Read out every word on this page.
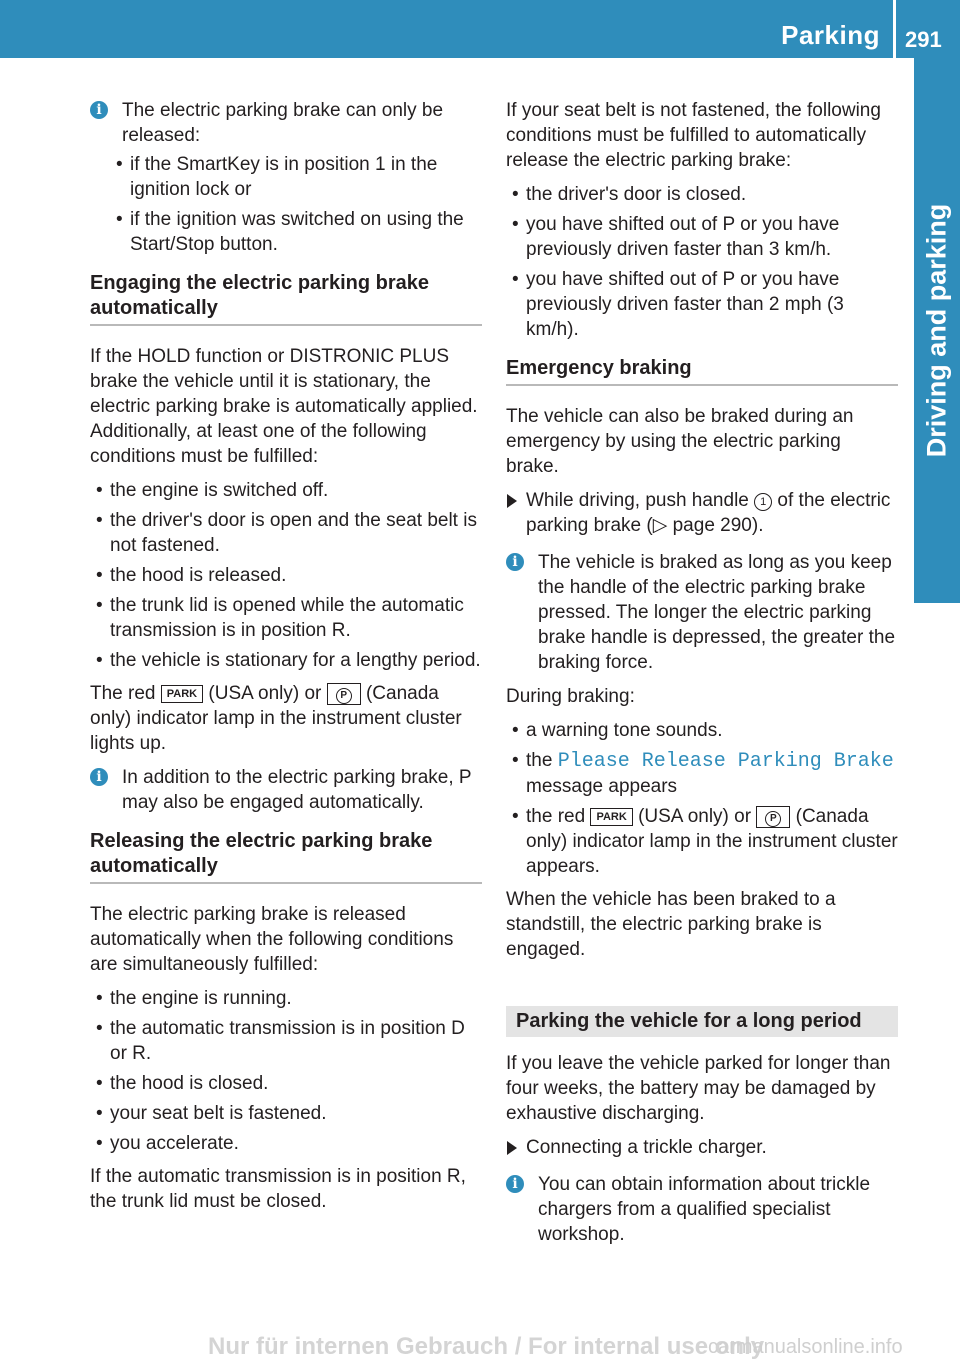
Parking 291
Driving and parking
i	The electric parking brake can only be released:
• if the SmartKey is in position 1 in the ignition lock or
• if the ignition was switched on using the Start/Stop button.
Engaging the electric parking brake automatically

If the HOLD function or DISTRONIC PLUS brake the vehicle until it is stationary, the electric parking brake is automatically applied. Additionally, at least one of the following conditions must be fulfilled:

• the engine is switched off.
• the driver's door is open and the seat belt is not fastened.
• the hood is released.
• the trunk lid is opened while the automatic transmission is in position R.
• the vehicle is stationary for a lengthy period.

The red PARK (USA only) or P (Canada only) indicator lamp in the instrument cluster lights up.

i	In addition to the electric parking brake, P may also be engaged automatically.
Releasing the electric parking brake automatically

The electric parking brake is released automatically when the following conditions are simultaneously fulfilled:

• the engine is running.
• the automatic transmission is in position D or R.
• the hood is closed.
• your seat belt is fastened.
• you accelerate.

If the automatic transmission is in position R, the trunk lid must be closed.

If your seat belt is not fastened, the following conditions must be fulfilled to automatically release the electric parking brake:

• the driver's door is closed.
• you have shifted out of P or you have previously driven faster than 3 km/h.
• you have shifted out of P or you have previously driven faster than 2 mph (3 km/h).
Emergency braking

The vehicle can also be braked during an emergency by using the electric parking brake.

While driving, push handle 1 of the electric parking brake (▷ page 290).
i	The vehicle is braked as long as you keep the handle of the electric parking brake pressed. The longer the electric parking brake handle is depressed, the greater the braking force.

During braking:

• a warning tone sounds.
• the Please Release Parking Brake message appears
• the red PARK (USA only) or P (Canada only) indicator lamp in the instrument cluster appears.

When the vehicle has been braked to a standstill, the electric parking brake is engaged.

Parking the vehicle for a long period

If you leave the vehicle parked for longer than four weeks, the battery may be damaged by exhaustive discharging.

Connecting a trickle charger.
i	You can obtain information about trickle chargers from a qualified specialist workshop.
Nur für internen Gebrauch / For internal use only
carmanualsonline.info
